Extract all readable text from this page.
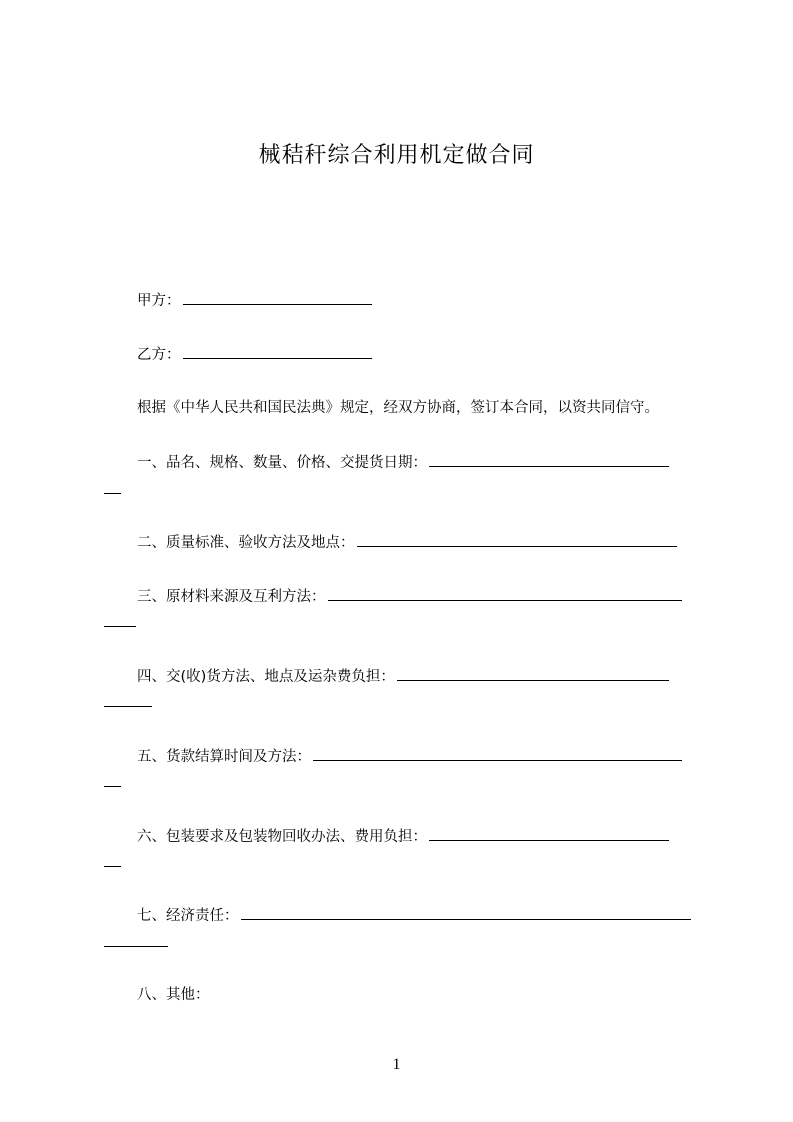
械秸秆综合利用机定做合同
甲方：
乙方：
根据《中华人民共和国民法典》规定，经双方协商，签订本合同，以资共同信守。
一、品名、规格、数量、价格、交提货日期：
二、质量标准、验收方法及地点：
三、原材料来源及互利方法：
四、交(收)货方法、地点及运杂费负担：
五、货款结算时间及方法：
六、包装要求及包装物回收办法、费用负担：
七、经济责任：
八、其他：
1
